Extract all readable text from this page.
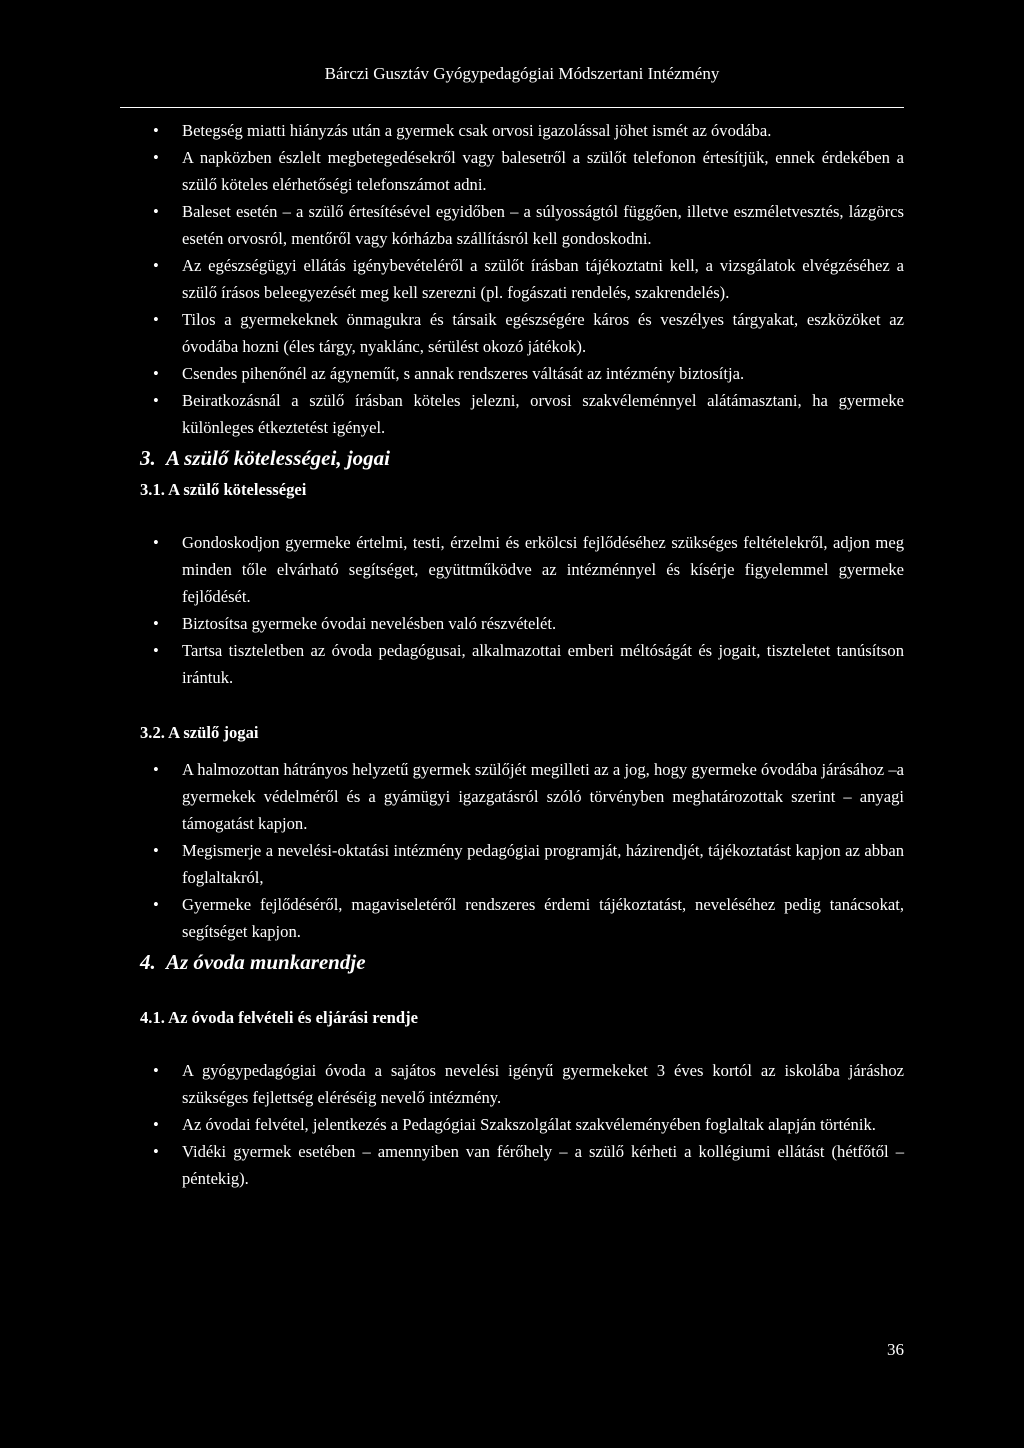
Bárczi Gusztáv Gyógypedagógiai Módszertani Intézmény
• Betegség miatti hiányzás után a gyermek csak orvosi igazolással jöhet ismét az óvodába.
• A napközben észlelt megbetegedésekről vagy balesetről a szülőt telefonon értesítjük, ennek érdekében a szülő köteles elérhetőségi telefonszámot adni.
• Baleset esetén – a szülő értesítésével egyidőben – a súlyosságtól függően, illetve eszméletvesztés, lázgörcs esetén orvosról, mentőről vagy kórházba szállításról kell gondoskodni.
• Az egészségügyi ellátás igénybevételéről a szülőt írásban tájékoztatni kell, a vizsgálatok elvégzéséhez a szülő írásos beleegyezését meg kell szerezni (pl. fogászati rendelés, szakrendelés).
• Tilos a gyermekeknek önmagukra és társaik egészségére káros és veszélyes tárgyakat, eszközöket az óvodába hozni (éles tárgy, nyaklánc, sérülést okozó játékok).
• Csendes pihenőnél az ágyneműt, s annak rendszeres váltását az intézmény biztosítja.
• Beiratkozásnál a szülő írásban köteles jelezni, orvosi szakvéleménnyel alátámasztani, ha gyermeke különleges étkeztetést igényel.
3. A szülő kötelességei, jogai
3.1. A szülő kötelességei
• Gondoskodjon gyermeke értelmi, testi, érzelmi és erkölcsi fejlődéséhez szükséges feltételekről, adjon meg minden tőle elvárható segítséget, együttműködve az intézménnyel és kísérje figyelemmel gyermeke fejlődését.
• Biztosítsa gyermeke óvodai nevelésben való részvételét.
• Tartsa tiszteletben az óvoda pedagógusai, alkalmazottai emberi méltóságát és jogait, tiszteletet tanúsítson irántuk.
3.2. A szülő jogai
• A halmozottan hátrányos helyzetű gyermek szülőjét megilleti az a jog, hogy gyermeke óvodába járásához –a gyermekek védelméről és a gyámügyi igazgatásról szóló törvényben meghatározottak szerint – anyagi támogatást kapjon.
• Megismerje a nevelési-oktatási intézmény pedagógiai programját, házirendjét, tájékoztatást kapjon az abban foglaltakról,
• Gyermeke fejlődéséről, magaviseletéről rendszeres érdemi tájékoztatást, neveléséhez pedig tanácsokat, segítséget kapjon.
4. Az óvoda munkarendje
4.1. Az óvoda felvételi és eljárási rendje
• A gyógypedagógiai óvoda a sajátos nevelési igényű gyermekeket 3 éves kortól az iskolába járáshoz szükséges fejlettség eléréséig nevelő intézmény.
• Az óvodai felvétel, jelentkezés a Pedagógiai Szakszolgálat szakvéleményében foglaltak alapján történik.
• Vidéki gyermek esetében – amennyiben van férőhely – a szülő kérheti a kollégiumi ellátást (hétfőtől – péntekig).
36
